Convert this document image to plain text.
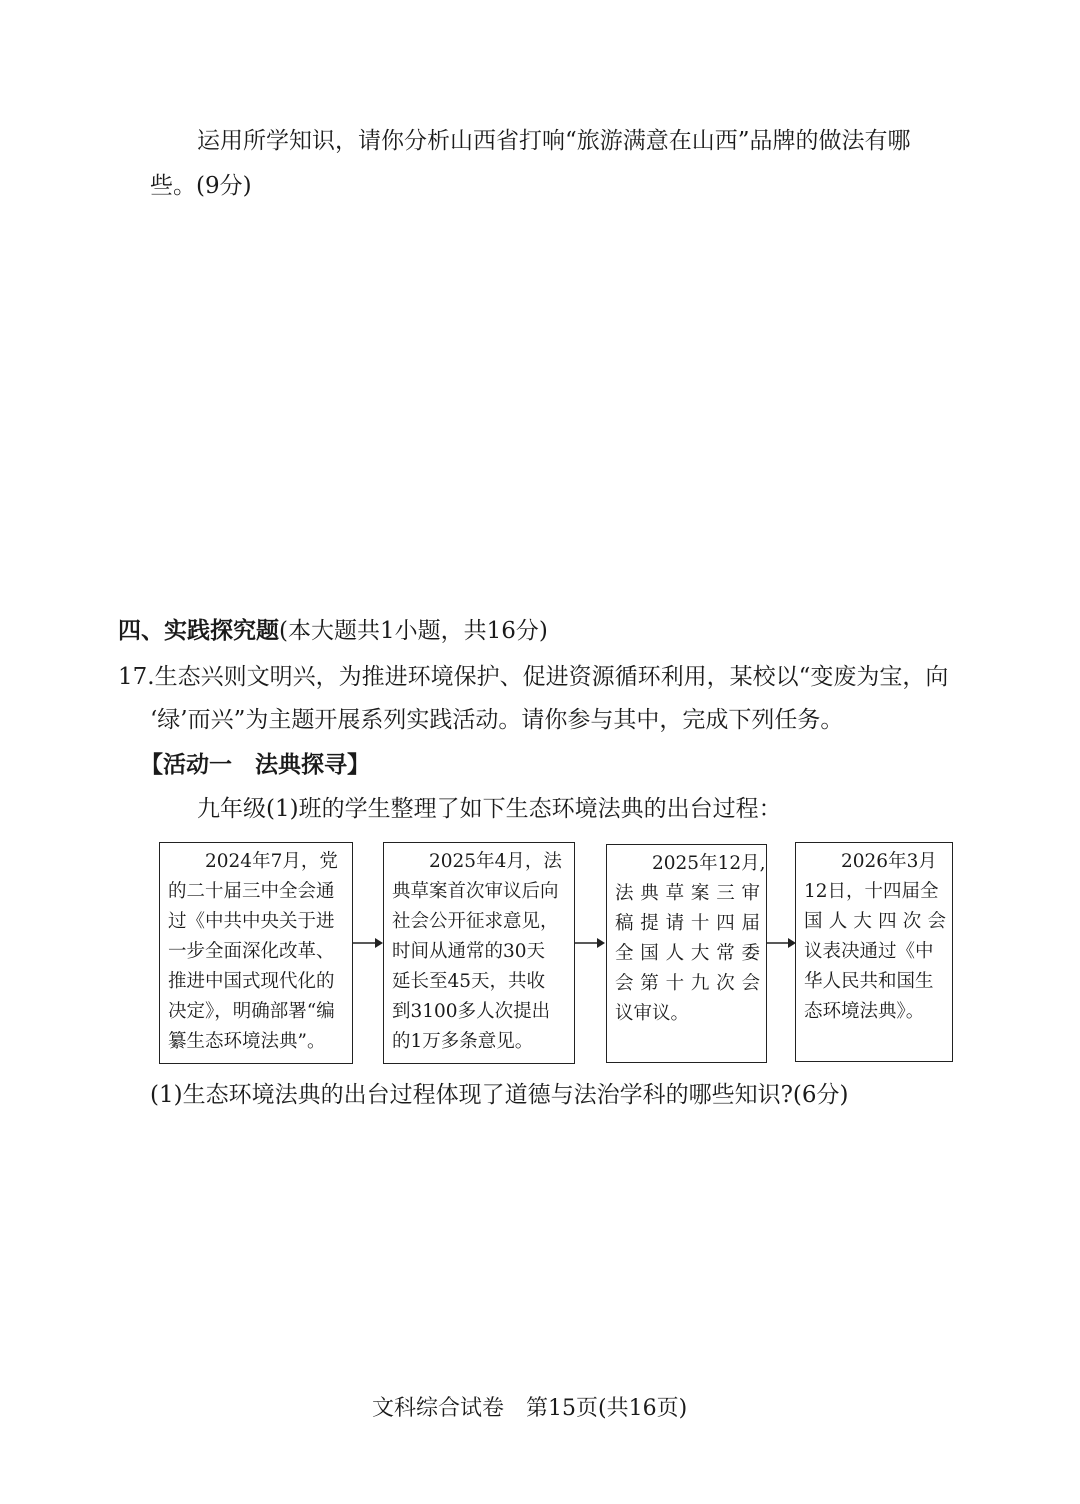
运用所学知识，请你分析山西省打响“旅游满意在山西”品牌的做法有哪
些。(9分)
四、实践探究题(本大题共1小题，共16分)
17.生态兴则文明兴，为推进环境保护、促进资源循环利用，某校以“变废为宝，向
‘绿’而兴”为主题开展系列实践活动。请你参与其中，完成下列任务。
【活动一　法典探寻】
九年级(1)班的学生整理了如下生态环境法典的出台过程：
2024年7月，党
的二十届三中全会通
过《中共中央关于进
一步全面深化改革、
推进中国式现代化的
决定》，明确部署“编
纂生态环境法典”。
2025年4月，法
典草案首次审议后向
社会公开征求意见，
时间从通常的30天
延长至45天，共收
到3100多人次提出
的1万多条意见。
2025年12月,
法典草案三审
稿提请十四届
全国人大常委
会第十九次会
议审议。
2026年3月
12日，十四届全
国人大四次会
议表决通过《中
华人民共和国生
态环境法典》。
(1)生态环境法典的出台过程体现了道德与法治学科的哪些知识?(6分)
文科综合试卷　第15页(共16页)
